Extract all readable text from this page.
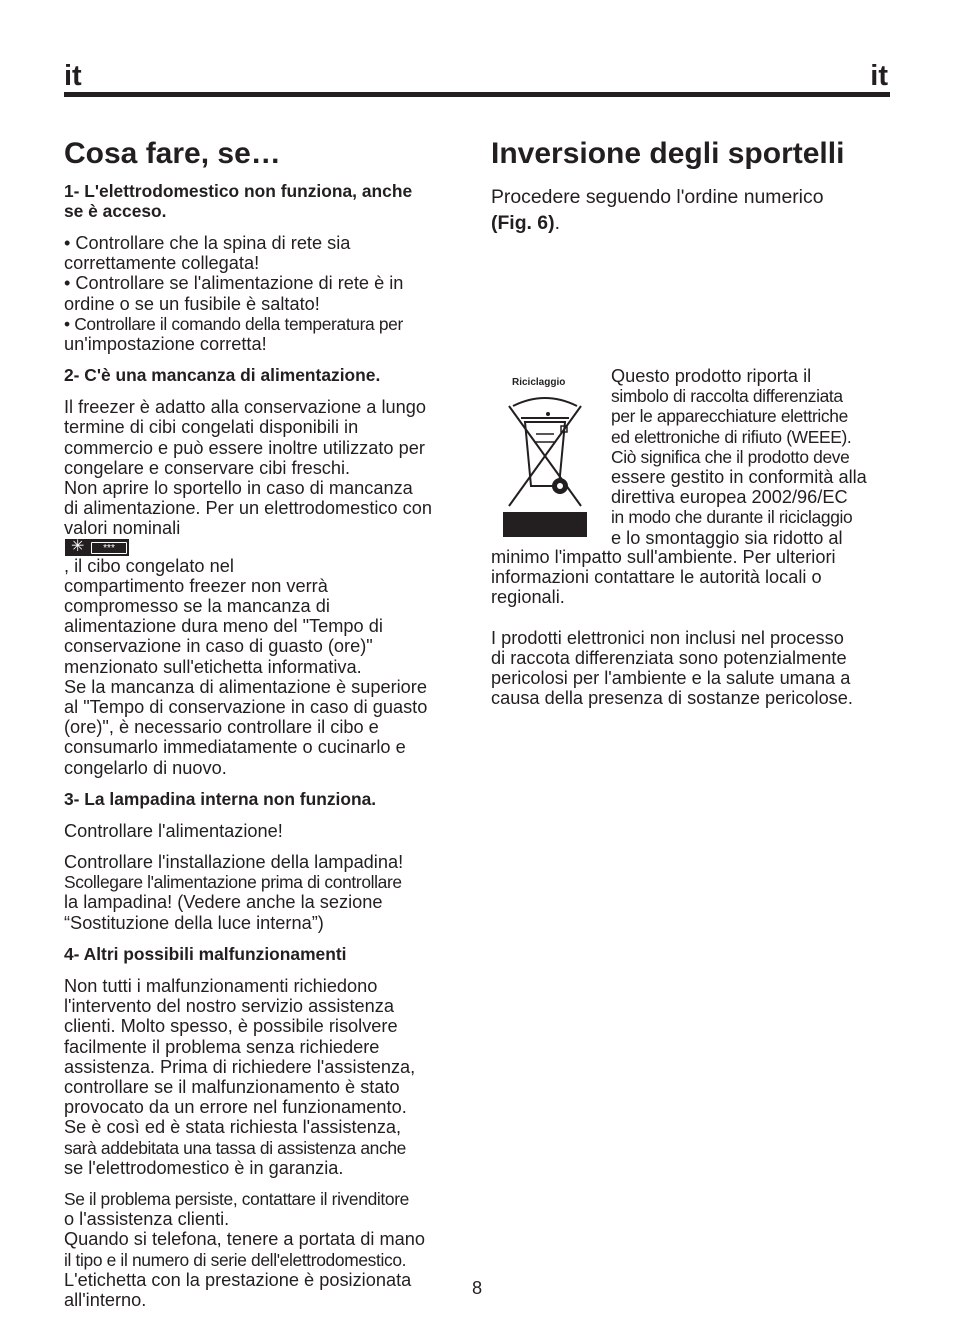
it	it
Cosa fare, se…
1- L'elettrodomestico non funziona, anche
se è acceso.

• Controllare che la spina di rete sia
correttamente collegata!
• Controllare se l'alimentazione di rete è in
ordine o se un fusibile è saltato!
• Controllare il comando della temperatura per
un'impostazione corretta!

2- C'è una mancanza di alimentazione.

Il freezer è adatto alla conservazione a lungo
termine di cibi congelati disponibili in
commercio e può essere inoltre utilizzato per
congelare e conservare cibi freschi.
Non aprire lo sportello in caso di mancanza
di alimentazione. Per un elettrodomestico con
valori nominali
✳	***
, il cibo congelato nel
compartimento freezer non verrà
compromesso se la mancanza di
alimentazione dura meno del "Tempo di
conservazione in caso di guasto (ore)"
menzionato sull'etichetta informativa.
Se la mancanza di alimentazione è superiore
al "Tempo di conservazione in caso di guasto
(ore)", è necessario controllare il cibo e
consumarlo immediatamente o cucinarlo e
congelarlo di nuovo.

3- La lampadina interna non funziona.

Controllare l'alimentazione!

Controllare l'installazione della lampadina!
Scollegare l'alimentazione prima di controllare
la lampadina! (Vedere anche la sezione
“Sostituzione della luce interna”)

4- Altri possibili malfunzionamenti

Non tutti i malfunzionamenti richiedono
l'intervento del nostro servizio assistenza
clienti. Molto spesso, è possibile risolvere
facilmente il problema senza richiedere
assistenza. Prima di richiedere l'assistenza,
controllare se il malfunzionamento è stato
provocato da un errore nel funzionamento.
Se è così ed è stata richiesta l'assistenza,
sarà addebitata una tassa di assistenza anche
se l'elettrodomestico è in garanzia.

Se il problema persiste, contattare il rivenditore
o l'assistenza clienti.
Quando si telefona, tenere a portata di mano
il tipo e il numero di serie dell'elettrodomestico.
L'etichetta con la prestazione è posizionata
all'interno.

Inversione degli sportelli

Procedere seguendo l'ordine numerico
(Fig. 6).

Riciclaggio	Questo prodotto riporta il
simbolo di raccolta differenziata
per le apparecchiature elettriche
ed elettroniche di rifiuto (WEEE).
Ciò significa che il prodotto deve
essere gestito in conformità alla
direttiva europea 2002/96/EC
in modo che durante il riciclaggio
e lo smontaggio sia ridotto al

minimo l'impatto sull'ambiente. Per ulteriori
informazioni contattare le autorità locali o
regionali.

I prodotti elettronici non inclusi nel processo
di raccota differenziata sono potenzialmente
pericolosi per l'ambiente e la salute umana a
causa della presenza di sostanze pericolose.

8
